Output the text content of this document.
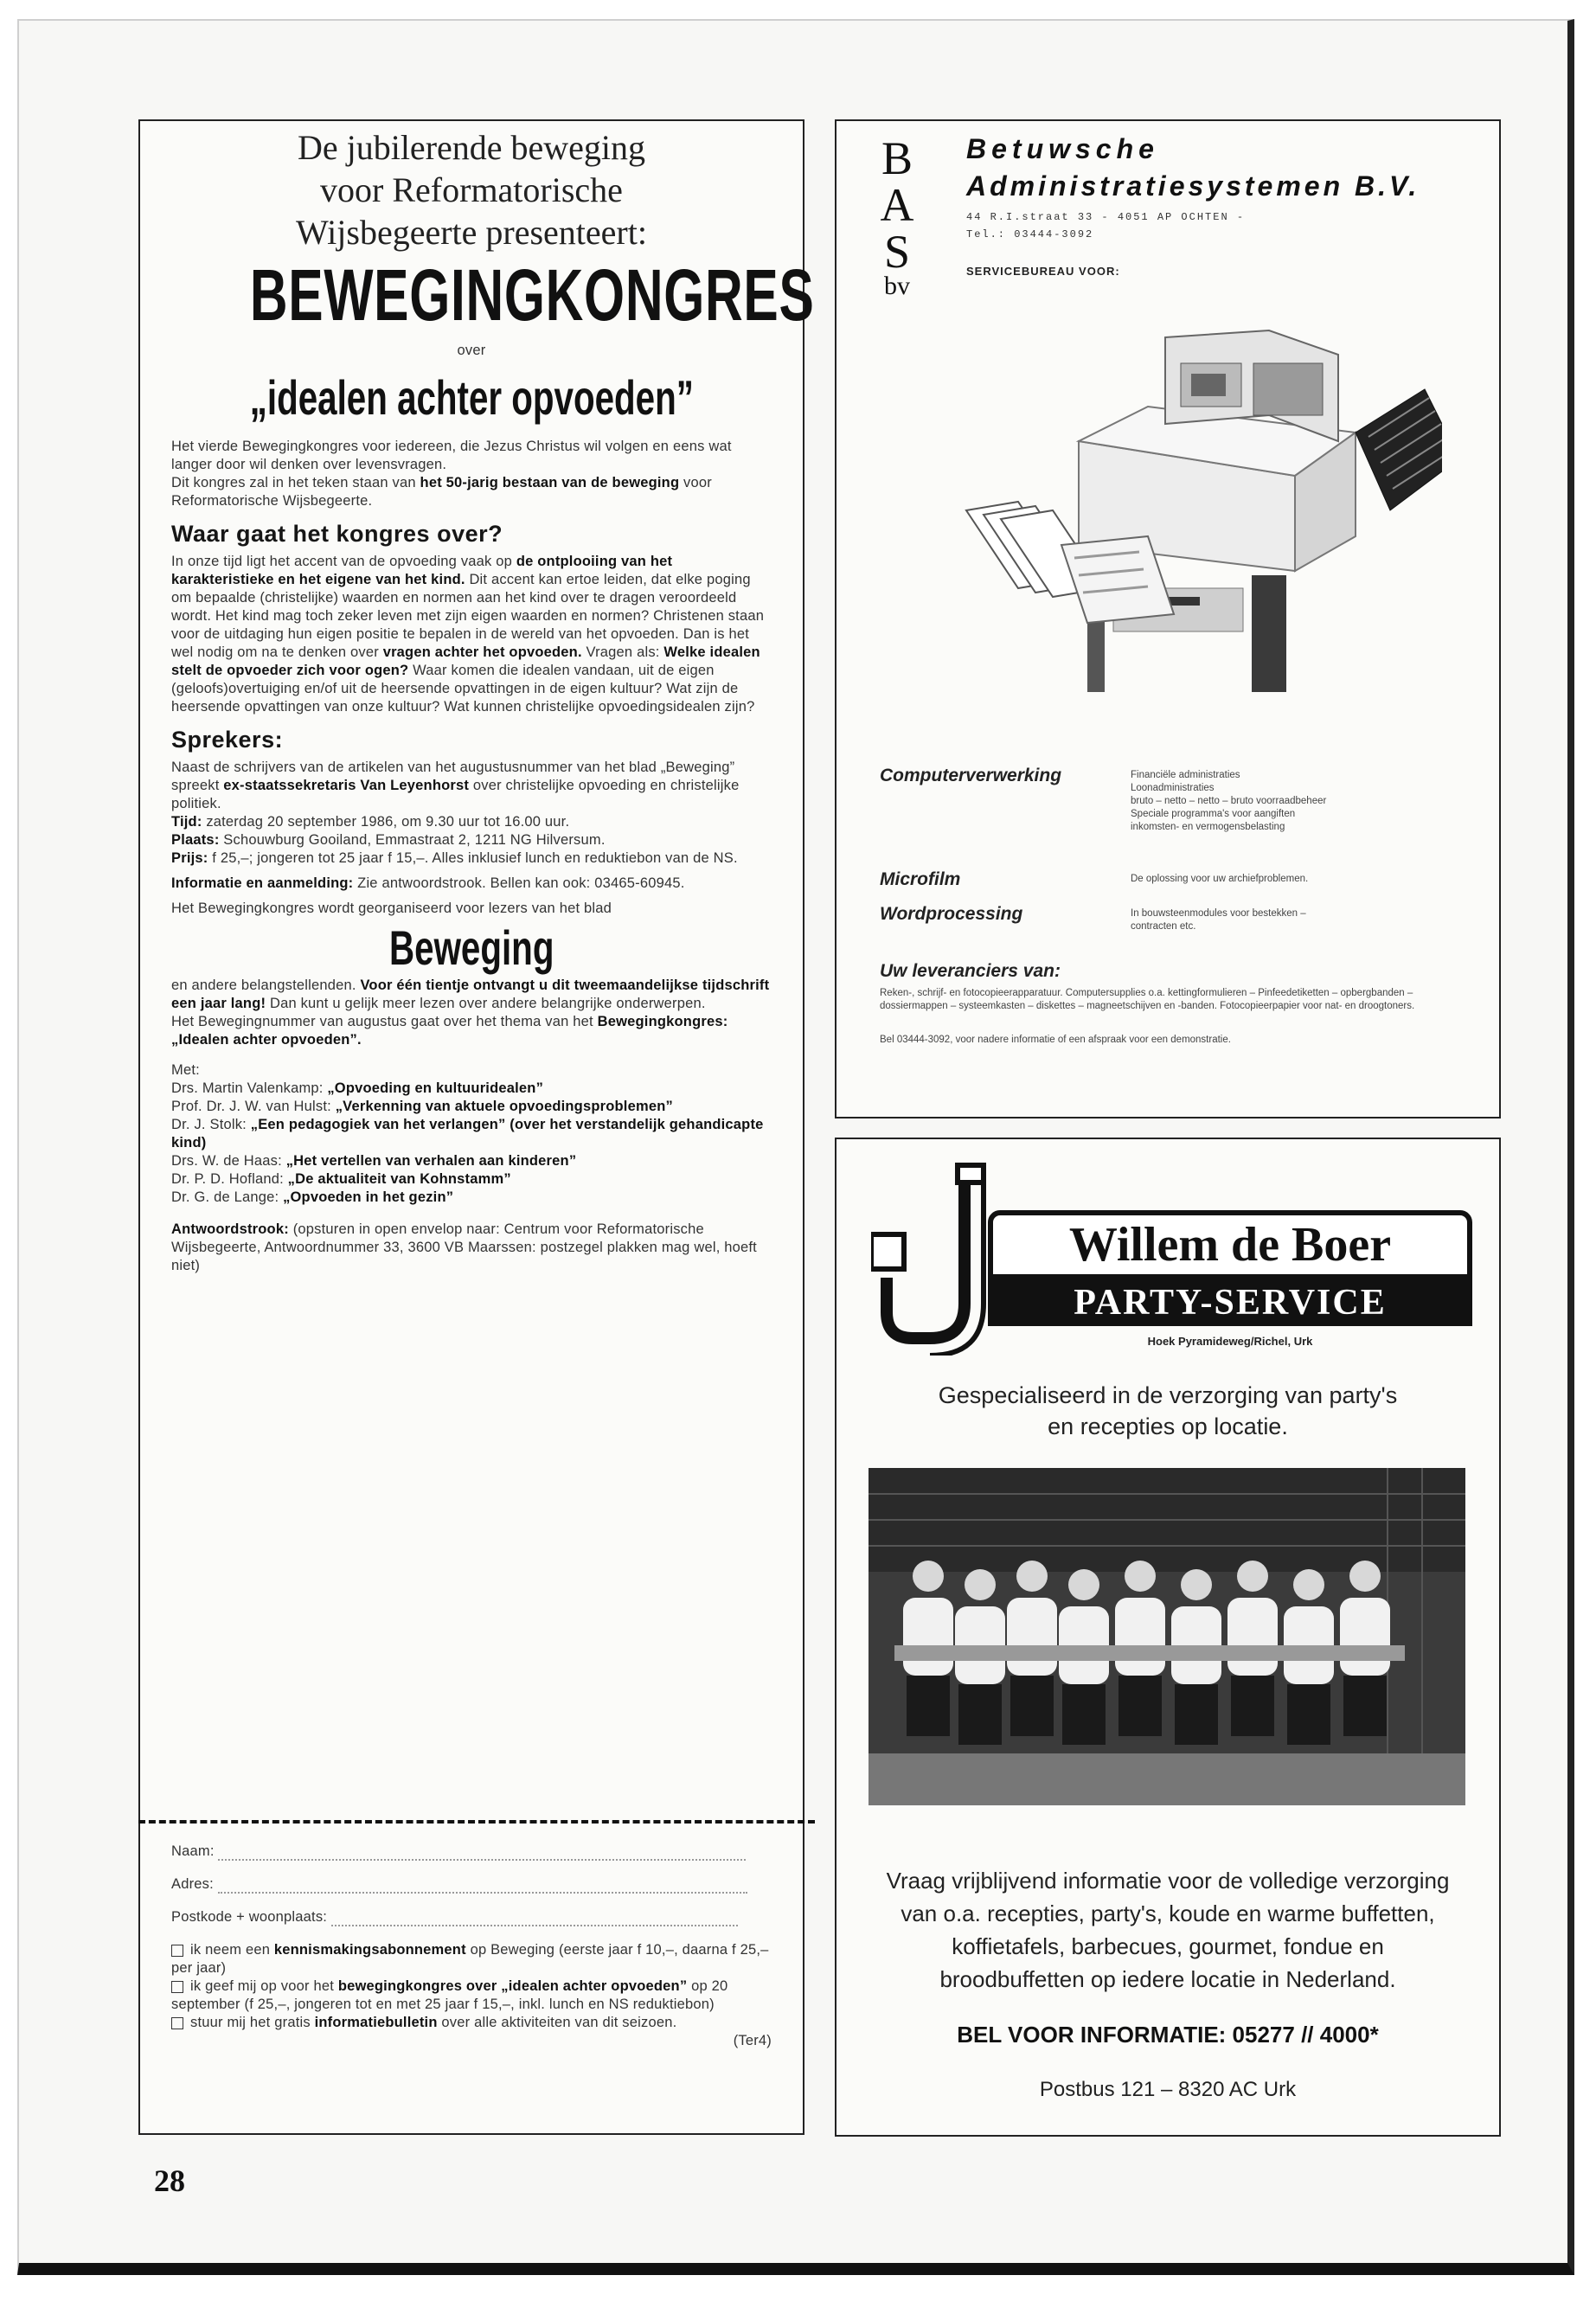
De jubilerende beweging
voor Reformatorische
Wijsbegeerte presenteert:
BEWEGINGKONGRES
over
„idealen achter opvoeden”

Het vierde Bewegingkongres voor iedereen, die Jezus Christus wil volgen en eens wat langer door wil denken over levensvragen.

Dit kongres zal in het teken staan van het 50-jarig bestaan van de beweging voor Reformatorische Wijsbegeerte.

Waar gaat het kongres over?

In onze tijd ligt het accent van de opvoeding vaak op de ontplooiing van het karakteristieke en het eigene van het kind. Dit accent kan ertoe leiden, dat elke poging om bepaalde (christelijke) waarden en normen aan het kind over te dragen veroordeeld wordt. Het kind mag toch zeker leven met zijn eigen waarden en normen? Christenen staan voor de uitdaging hun eigen positie te bepalen in de wereld van het opvoeden. Dan is het wel nodig om na te denken over vragen achter het opvoeden. Vragen als: Welke idealen stelt de opvoeder zich voor ogen? Waar komen die idealen vandaan, uit de eigen (geloofs)overtuiging en/of uit de heersende opvattingen in de eigen kultuur? Wat zijn de heersende opvattingen van onze kultuur? Wat kunnen christelijke opvoedingsidealen zijn?

Sprekers:

Naast de schrijvers van de artikelen van het augustusnummer van het blad „Beweging” spreekt ex-staatssekretaris Van Leyenhorst over christelijke opvoeding en christelijke politiek.

Tijd: zaterdag 20 september 1986, om 9.30 uur tot 16.00 uur.

Plaats: Schouwburg Gooiland, Emmastraat 2, 1211 NG Hilversum.

Prijs: f 25,–; jongeren tot 25 jaar f 15,–. Alles inklusief lunch en reduktiebon van de NS.

Informatie en aanmelding: Zie antwoordstrook. Bellen kan ook: 03465-60945.

Het Bewegingkongres wordt georganiseerd voor lezers van het blad

Beweging

en andere belangstellenden. Voor één tientje ontvangt u dit tweemaandelijkse tijdschrift een jaar lang! Dan kunt u gelijk meer lezen over andere belangrijke onderwerpen.

Het Bewegingnummer van augustus gaat over het thema van het Bewegingkongres: „Idealen achter opvoeden”.

Met:

Drs. Martin Valenkamp: „Opvoeding en kultuuridealen”

Prof. Dr. J. W. van Hulst: „Verkenning van aktuele opvoedingsproblemen”

Dr. J. Stolk: „Een pedagogiek van het verlangen” (over het verstandelijk gehandicapte kind)

Drs. W. de Haas: „Het vertellen van verhalen aan kinderen”

Dr. P. D. Hofland: „De aktualiteit van Kohnstamm”

Dr. G. de Lange: „Opvoeden in het gezin”

Antwoordstrook: (opsturen in open envelop naar: Centrum voor Reformatorische Wijsbegeerte, Antwoordnummer 33, 3600 VB Maarssen: postzegel plakken mag wel, hoeft niet)

Naam:

Adres:

Postkode + woonplaats:

ik neem een kennismakingsabonnement op Beweging (eerste jaar f 10,–, daarna f 25,– per jaar)

ik geef mij op voor het bewegingkongres over „idealen achter opvoeden” op 20 september (f 25,–, jongeren tot en met 25 jaar f 15,–, inkl. lunch en NS reduktiebon)

stuur mij het gratis informatiebulletin over alle aktiviteiten van dit seizoen.

(Ter4)

B
A
S
bv
Betuwsche
Administratiesystemen B.V.
44 R.I.straat 33 - 4051 AP OCHTEN -
Tel.: 03444-3092
SERVICEBUREAU VOOR:
Computerverwerking	Financiële administraties
Loonadministraties
bruto – netto – netto – bruto voorraadbeheer
Speciale programma's voor aangiften
inkomsten- en vermogensbelasting
Microfilm	De oplossing voor uw archiefproblemen.
Wordprocessing	In bouwsteenmodules voor bestekken –
contracten etc.
Uw leveranciers van:
Reken-, schrijf- en fotocopieerapparatuur. Computersupplies o.a. kettingformulieren – Pinfeedetiketten – opbergbanden – dossiermappen – systeemkasten – diskettes – magneetschijven en -banden. Fotocopieerpapier voor nat- en droogtoners.
Bel 03444-3092, voor nadere informatie of een afspraak voor een demonstratie.
Willem de Boer
PARTY-SERVICE
Hoek Pyramideweg/Richel, Urk
Gespecialiseerd in de verzorging van party's
en recepties op locatie.
Vraag vrijblijvend informatie voor de volledige verzorging van o.a. recepties, party's, koude en warme buffetten, koffietafels, barbecues, gourmet, fondue en broodbuffetten op iedere locatie in Nederland.
BEL VOOR INFORMATIE: 05277 // 4000*
Postbus 121 – 8320 AC Urk
28
